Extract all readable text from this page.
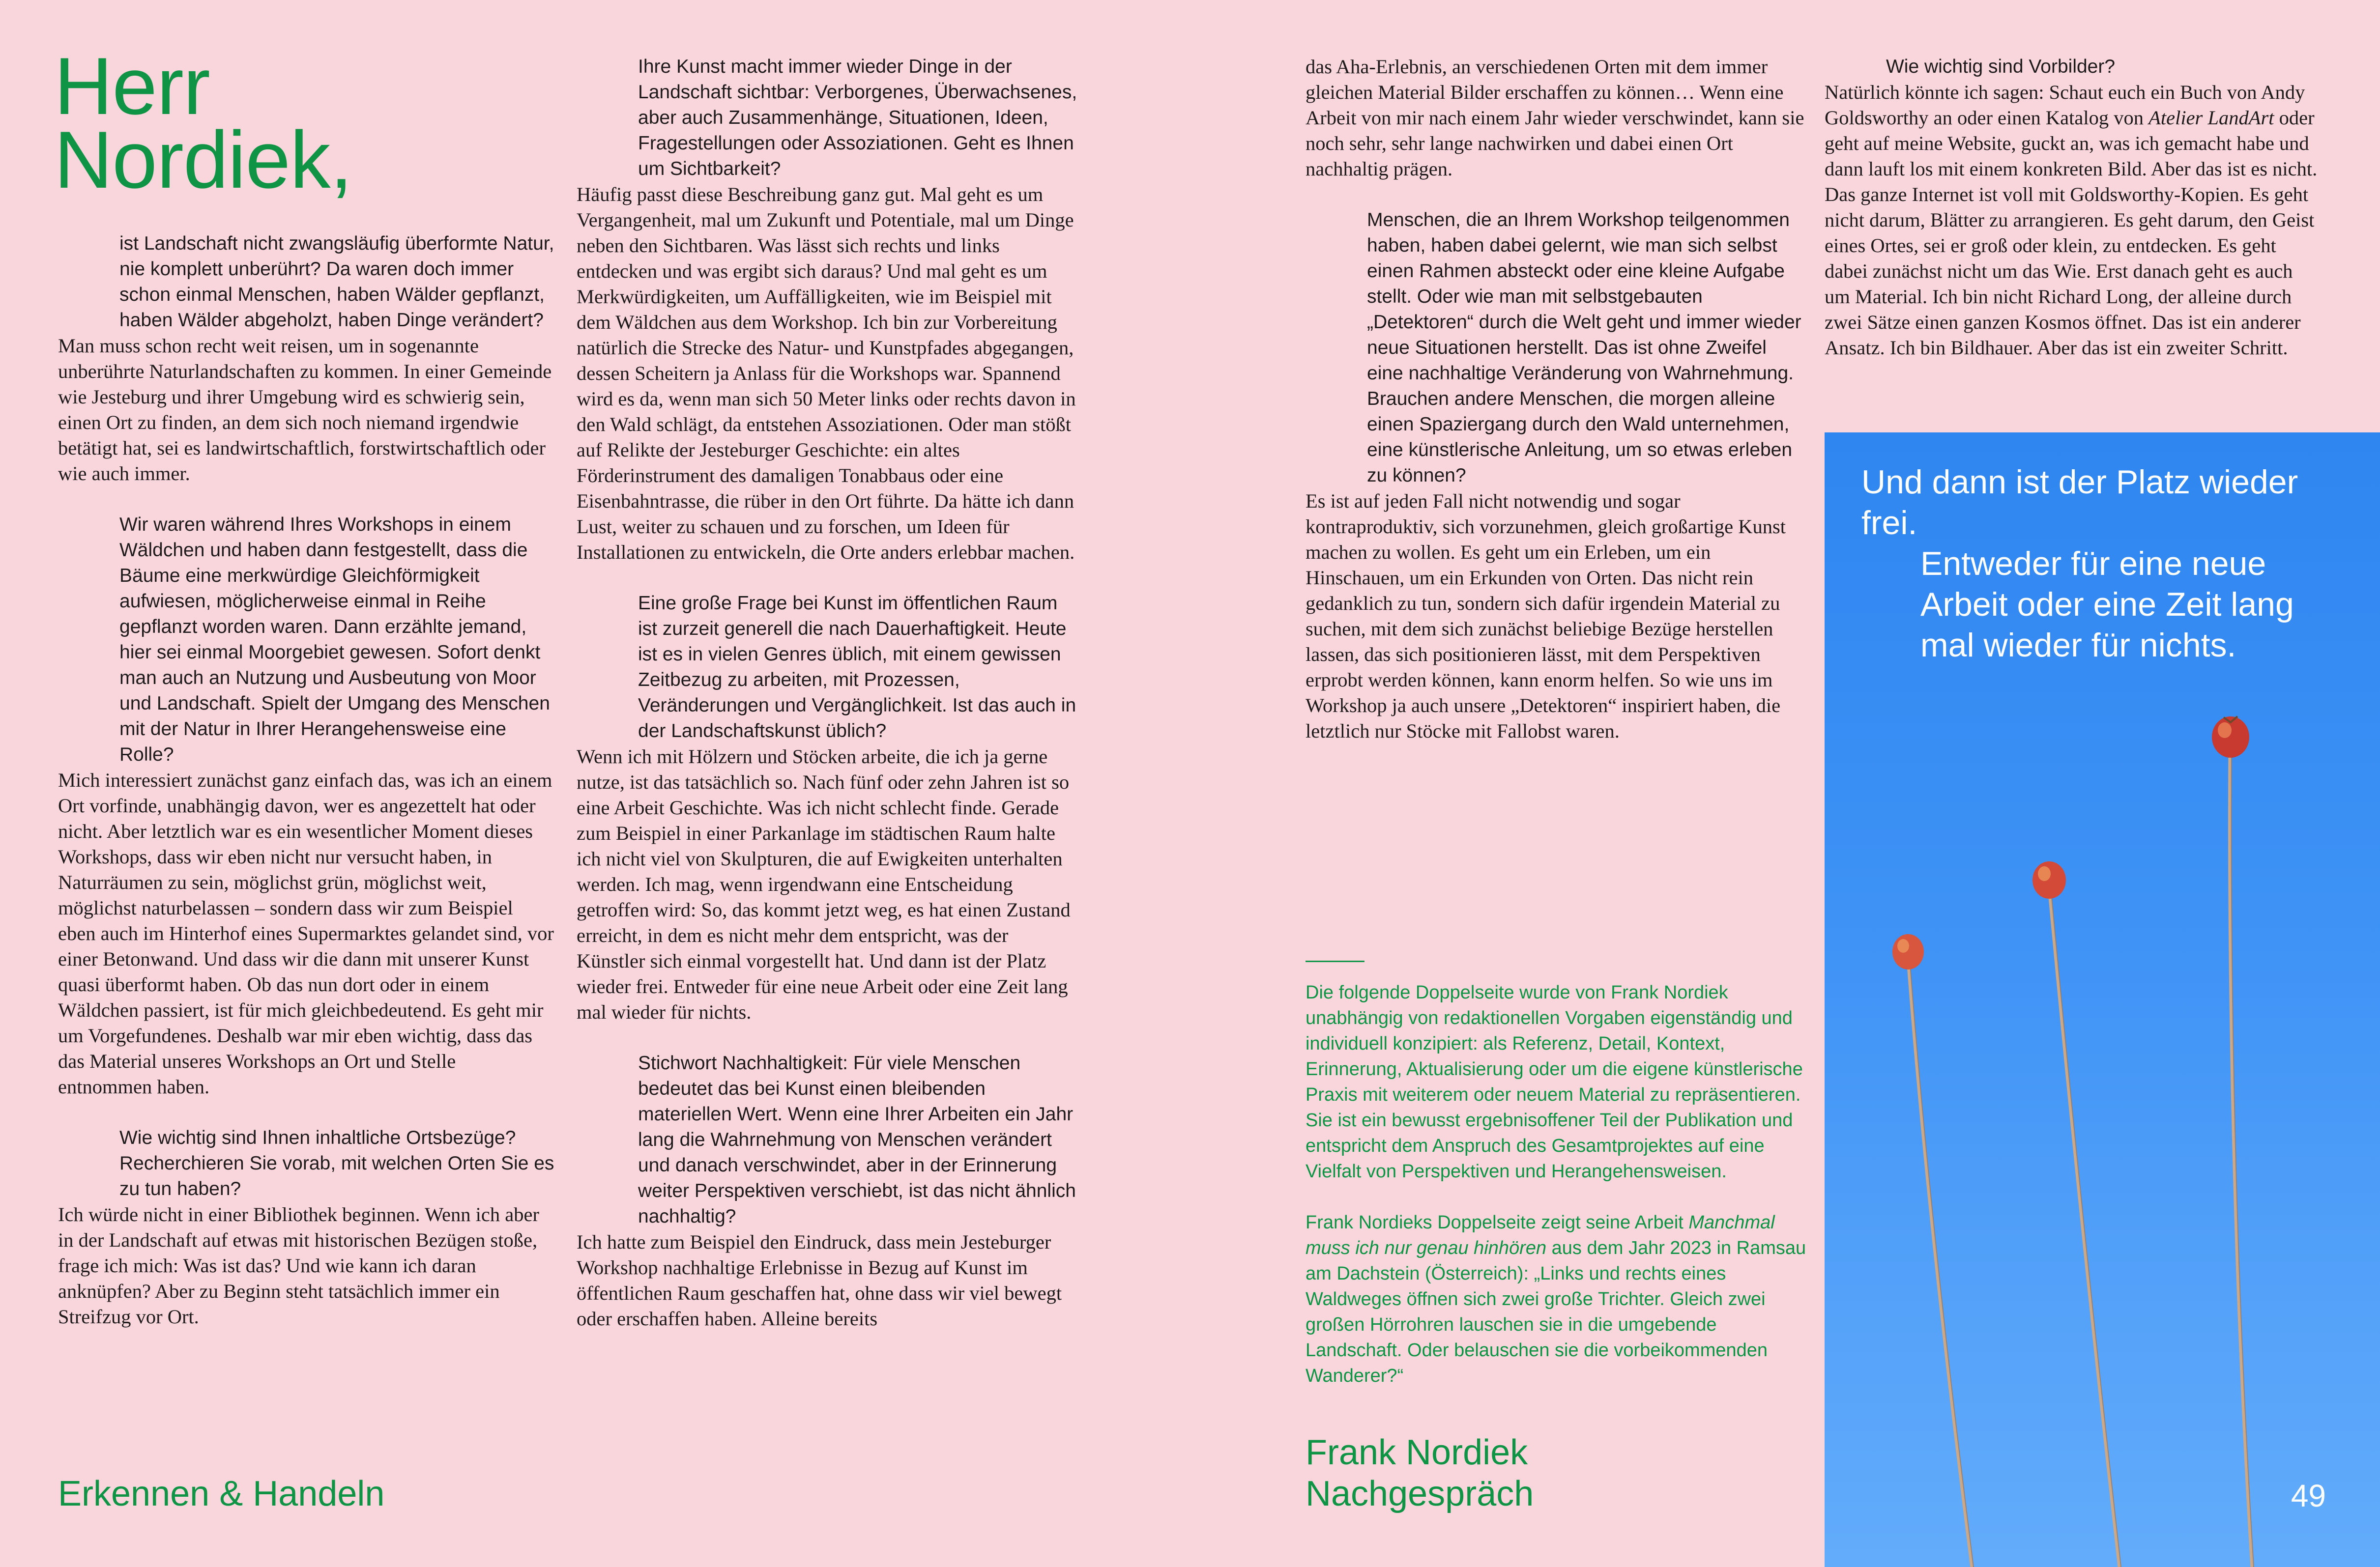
Herr
Nordiek,

ist Landschaft nicht zwangsläufig überformte Natur, nie komplett unberührt? Da waren doch immer schon einmal Menschen, haben Wälder gepflanzt, haben Wälder abgeholzt, haben Dinge verändert?

Man muss schon recht weit reisen, um in sogenannte unberührte Naturlandschaften zu kommen. In einer Gemeinde wie Jesteburg und ihrer Umgebung wird es schwierig sein, einen Ort zu finden, an dem sich noch niemand irgendwie betätigt hat, sei es landwirtschaftlich, forstwirtschaftlich oder wie auch immer.

Wir waren während Ihres Workshops in einem Wäldchen und haben dann festgestellt, dass die Bäume eine merkwürdige Gleichförmigkeit aufwiesen, möglicherweise einmal in Reihe gepflanzt worden waren. Dann erzählte jemand, hier sei einmal Moorgebiet gewesen. Sofort denkt man auch an Nutzung und Ausbeutung von Moor und Landschaft. Spielt der Umgang des Menschen mit der Natur in Ihrer Herangehensweise eine Rolle?

Mich interessiert zunächst ganz einfach das, was ich an einem Ort vorfinde, unabhängig davon, wer es angezettelt hat oder nicht. Aber letztlich war es ein wesentlicher Moment dieses Workshops, dass wir eben nicht nur versucht haben, in Naturräumen zu sein, möglichst grün, möglichst weit, möglichst naturbelassen – sondern dass wir zum Beispiel eben auch im Hinterhof eines Supermarktes gelandet sind, vor einer Betonwand. Und dass wir die dann mit unserer Kunst quasi überformt haben. Ob das nun dort oder in einem Wäldchen passiert, ist für mich gleichbedeutend. Es geht mir um Vorgefundenes. Deshalb war mir eben wichtig, dass das das Material unseres Workshops an Ort und Stelle entnommen haben.

Wie wichtig sind Ihnen inhaltliche Ortsbezüge? Recherchieren Sie vorab, mit welchen Orten Sie es zu tun haben?

Ich würde nicht in einer Bibliothek beginnen. Wenn ich aber in der Landschaft auf etwas mit historischen Bezügen stoße, frage ich mich: Was ist das? Und wie kann ich daran anknüpfen? Aber zu Beginn steht tatsächlich immer ein Streifzug vor Ort.

Ihre Kunst macht immer wieder Dinge in der Landschaft sichtbar: Verborgenes, Überwachsenes, aber auch Zusammenhänge, Situationen, Ideen, Fragestellungen oder Assoziationen. Geht es Ihnen um Sichtbarkeit?

Häufig passt diese Beschreibung ganz gut. Mal geht es um Vergangenheit, mal um Zukunft und Potentiale, mal um Dinge neben den Sichtbaren. Was lässt sich rechts und links entdecken und was ergibt sich daraus? Und mal geht es um Merkwürdigkeiten, um Auffälligkeiten, wie im Beispiel mit dem Wäldchen aus dem Workshop. Ich bin zur Vorbereitung natürlich die Strecke des Natur- und Kunstpfades abgegangen, dessen Scheitern ja Anlass für die Workshops war. Spannend wird es da, wenn man sich 50 Meter links oder rechts davon in den Wald schlägt, da entstehen Assoziationen. Oder man stößt auf Relikte der Jesteburger Geschichte: ein altes Förderinstrument des damaligen Tonabbaus oder eine Eisenbahntrasse, die rüber in den Ort führte. Da hätte ich dann Lust, weiter zu schauen und zu forschen, um Ideen für Installationen zu entwickeln, die Orte anders erlebbar machen.

Eine große Frage bei Kunst im öffentlichen Raum ist zurzeit generell die nach Dauerhaftigkeit. Heute ist es in vielen Genres üblich, mit einem gewissen Zeitbezug zu arbeiten, mit Prozessen, Veränderungen und Vergänglichkeit. Ist das auch in der Landschaftskunst üblich?

Wenn ich mit Hölzern und Stöcken arbeite, die ich ja gerne nutze, ist das tatsächlich so. Nach fünf oder zehn Jahren ist so eine Arbeit Geschichte. Was ich nicht schlecht finde. Gerade zum Beispiel in einer Parkanlage im städtischen Raum halte ich nicht viel von Skulpturen, die auf Ewigkeiten unterhalten werden. Ich mag, wenn irgendwann eine Entscheidung getroffen wird: So, das kommt jetzt weg, es hat einen Zustand erreicht, in dem es nicht mehr dem entspricht, was der Künstler sich einmal vorgestellt hat. Und dann ist der Platz wieder frei. Entweder für eine neue Arbeit oder eine Zeit lang mal wieder für nichts.

Stichwort Nachhaltigkeit: Für viele Menschen bedeutet das bei Kunst einen bleibenden materiellen Wert. Wenn eine Ihrer Arbeiten ein Jahr lang die Wahrnehmung von Menschen verändert und danach verschwindet, aber in der Erinnerung weiter Perspektiven verschiebt, ist das nicht ähnlich nachhaltig?

Ich hatte zum Beispiel den Eindruck, dass mein Jesteburger Workshop nachhaltige Erlebnisse in Bezug auf Kunst im öffentlichen Raum geschaffen hat, ohne dass wir viel bewegt oder erschaffen haben. Alleine bereits

das Aha-Erlebnis, an verschiedenen Orten mit dem immer gleichen Material Bilder erschaffen zu können… Wenn eine Arbeit von mir nach einem Jahr wieder verschwindet, kann sie noch sehr, sehr lange nachwirken und dabei einen Ort nachhaltig prägen.

Menschen, die an Ihrem Workshop teilgenommen haben, haben dabei gelernt, wie man sich selbst einen Rahmen absteckt oder eine kleine Aufgabe stellt. Oder wie man mit selbstgebauten „Detektoren“ durch die Welt geht und immer wieder neue Situationen herstellt. Das ist ohne Zweifel eine nachhaltige Veränderung von Wahrnehmung. Brauchen andere Menschen, die morgen alleine einen Spaziergang durch den Wald unternehmen, eine künstlerische Anleitung, um so etwas erleben zu können?

Es ist auf jeden Fall nicht notwendig und sogar kontraproduktiv, sich vorzunehmen, gleich großartige Kunst machen zu wollen. Es geht um ein Erleben, um ein Hinschauen, um ein Erkunden von Orten. Das nicht rein gedanklich zu tun, sondern sich dafür irgendein Material zu suchen, mit dem sich zunächst beliebige Bezüge herstellen lassen, das sich positionieren lässt, mit dem Perspektiven erprobt werden können, kann enorm helfen. So wie uns im Workshop ja auch unsere „Detektoren“ inspiriert haben, die letztlich nur Stöcke mit Fallobst waren.

Die folgende Doppelseite wurde von Frank Nordiek unabhängig von redaktionellen Vorgaben eigenständig und individuell konzipiert: als Referenz, Detail, Kontext, Erinnerung, Aktualisierung oder um die eigene künstlerische Praxis mit weiterem oder neuem Material zu repräsentieren. Sie ist ein bewusst ergebnisoffener Teil der Publikation und entspricht dem Anspruch des Gesamtprojektes auf eine Vielfalt von Perspektiven und Herangehensweisen.

Frank Nordieks Doppelseite zeigt seine Arbeit Manchmal muss ich nur genau hinhören aus dem Jahr 2023 in Ramsau am Dachstein (Österreich): „Links und rechts eines Waldweges öffnen sich zwei große Trichter. Gleich zwei großen Hörrohren lauschen sie in die umgebende Landschaft. Oder belauschen sie die vorbeikommenden Wanderer?“

Wie wichtig sind Vorbilder?

Natürlich könnte ich sagen: Schaut euch ein Buch von Andy Goldsworthy an oder einen Katalog von Atelier LandArt oder geht auf meine Website, guckt an, was ich gemacht habe und dann lauft los mit einem konkreten Bild. Aber das ist es nicht. Das ganze Internet ist voll mit Goldsworthy-Kopien. Es geht nicht darum, Blätter zu arrangieren. Es geht darum, den Geist eines Ortes, sei er groß oder klein, zu entdecken. Es geht dabei zunächst nicht um das Wie. Erst danach geht es auch um Material. Ich bin nicht Richard Long, der alleine durch zwei Sätze einen ganzen Kosmos öffnet. Das ist ein anderer Ansatz. Ich bin Bildhauer. Aber das ist ein zweiter Schritt.

Und dann ist der Platz wieder frei.
Entweder für eine neue Arbeit oder eine Zeit lang mal wieder für nichts.
49
Erkennen & Handeln
Frank Nordiek
Nachgespräch
